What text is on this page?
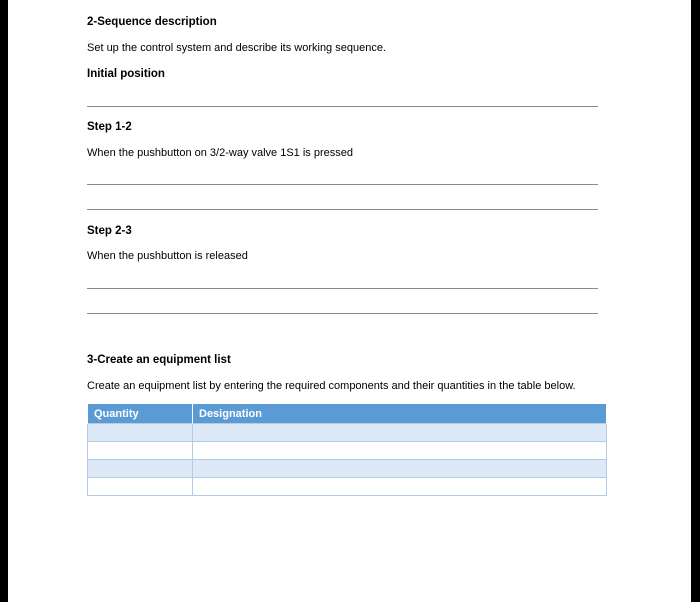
2-Sequence description
Set up the control system and describe its working sequence.
Initial position
Step 1-2
When the pushbutton on 3/2-way valve 1S1 is pressed
Step 2-3
When the pushbutton is released
3-Create an equipment list
Create an equipment list by entering the required components and their quantities in the table below.
Quantity	Designation
